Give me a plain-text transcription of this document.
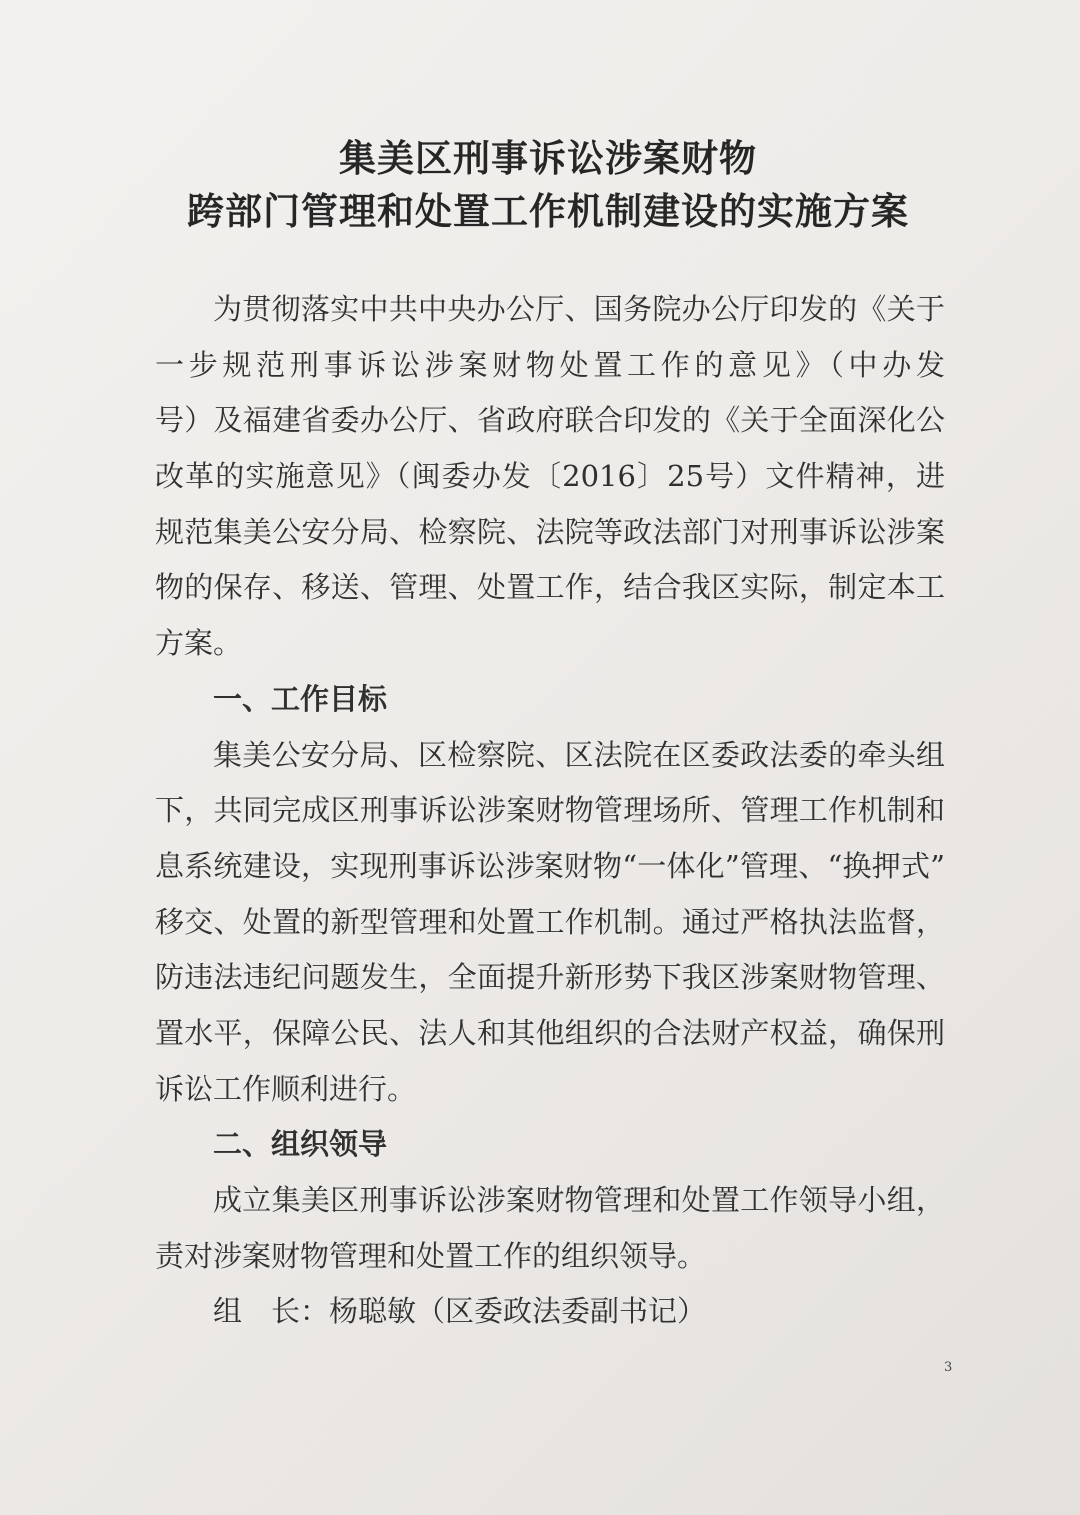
集美区刑事诉讼涉案财物
跨部门管理和处置工作机制建设的实施方案
为贯彻落实中共中央办公厅、国务院办公厅印发的《关于
一步规范刑事诉讼涉案财物处置工作的意见》（中办发
号）及福建省委办公厅、省政府联合印发的《关于全面深化公
改革的实施意见》（闽委办发〔2016〕25号）文件精神，进
规范集美公安分局、检察院、法院等政法部门对刑事诉讼涉案
物的保存、移送、管理、处置工作，结合我区实际，制定本工
方案。
一、工作目标
集美公安分局、区检察院、区法院在区委政法委的牵头组
下，共同完成区刑事诉讼涉案财物管理场所、管理工作机制和
息系统建设，实现刑事诉讼涉案财物“一体化”管理、“换押式”
移交、处置的新型管理和处置工作机制。通过严格执法监督，
防违法违纪问题发生，全面提升新形势下我区涉案财物管理、
置水平，保障公民、法人和其他组织的合法财产权益，确保刑
诉讼工作顺利进行。
二、组织领导
成立集美区刑事诉讼涉案财物管理和处置工作领导小组，
责对涉案财物管理和处置工作的组织领导。
组　长：杨聪敏（区委政法委副书记）
3
